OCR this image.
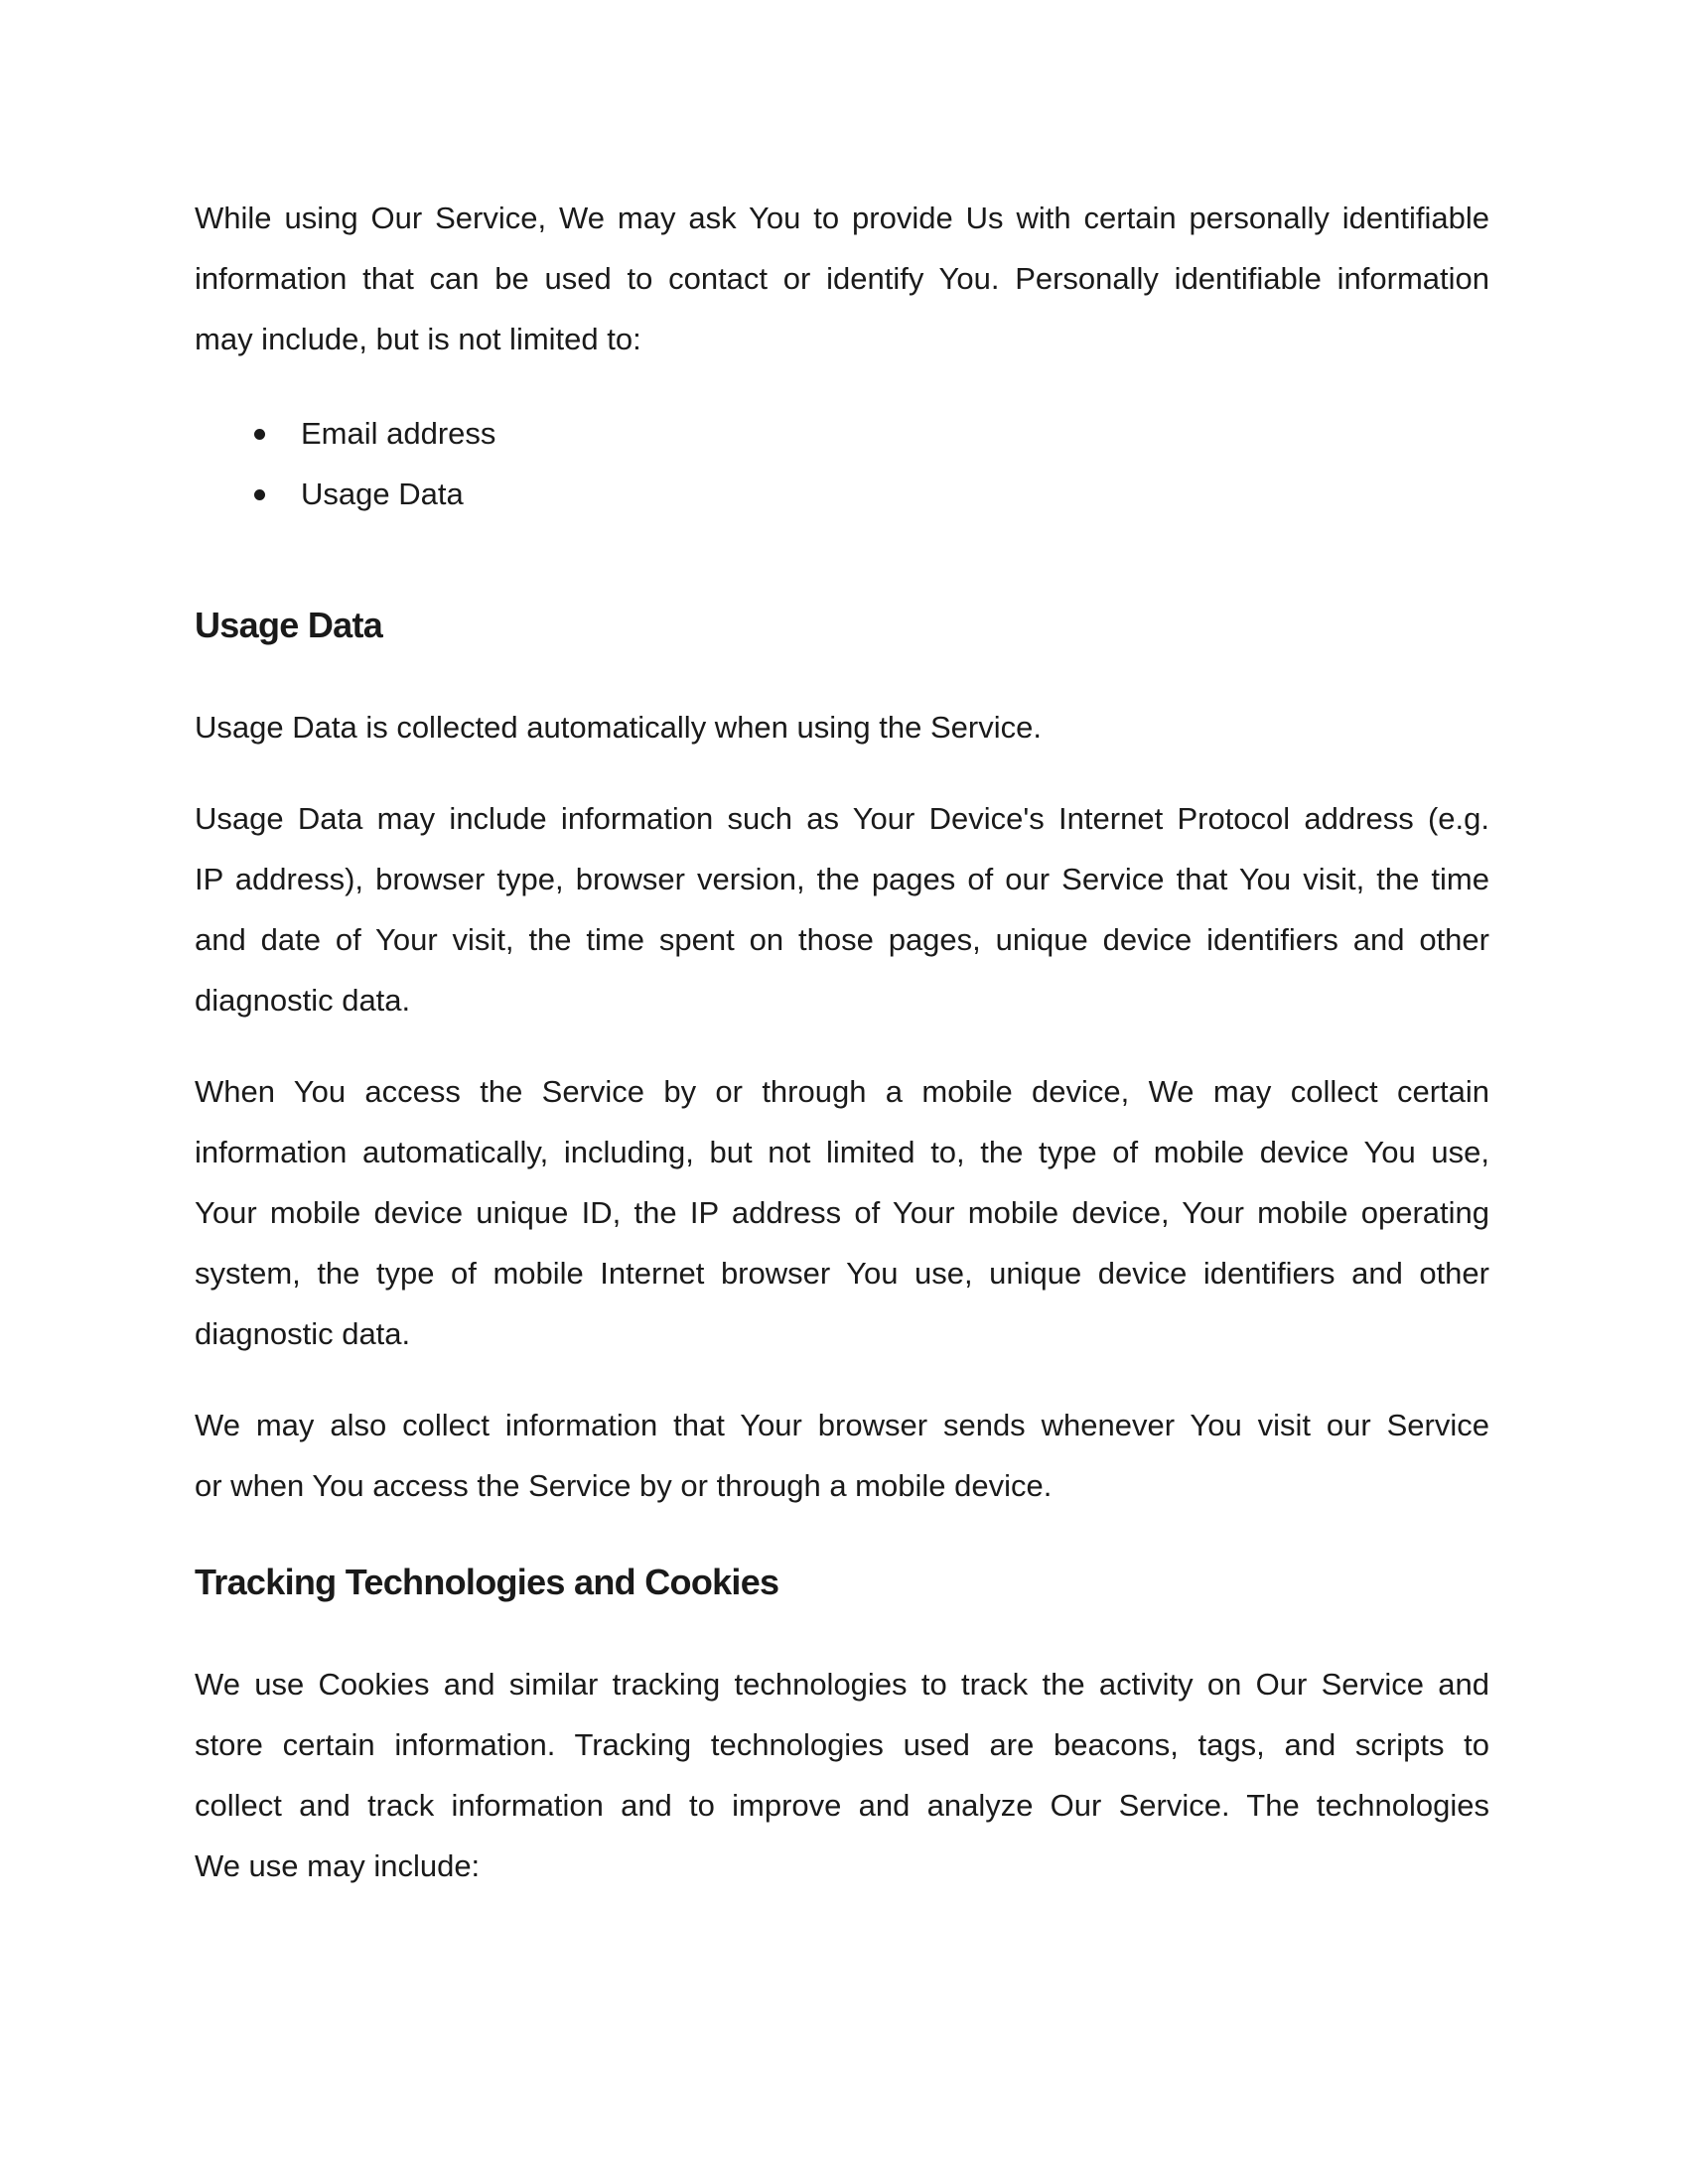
While using Our Service, We may ask You to provide Us with certain personally identifiable
information that can be used to contact or identify You. Personally identifiable information
may include, but is not limited to:

Email address
Usage Data
Usage Data

Usage Data is collected automatically when using the Service.

Usage Data may include information such as Your Device's Internet Protocol address (e.g.
IP address), browser type, browser version, the pages of our Service that You visit, the time
and date of Your visit, the time spent on those pages, unique device identifiers and other
diagnostic data.

When You access the Service by or through a mobile device, We may collect certain
information automatically, including, but not limited to, the type of mobile device You use,
Your mobile device unique ID, the IP address of Your mobile device, Your mobile operating
system, the type of mobile Internet browser You use, unique device identifiers and other
diagnostic data.

We may also collect information that Your browser sends whenever You visit our Service
or when You access the Service by or through a mobile device.

Tracking Technologies and Cookies

We use Cookies and similar tracking technologies to track the activity on Our Service and
store certain information. Tracking technologies used are beacons, tags, and scripts to
collect and track information and to improve and analyze Our Service. The technologies
We use may include:
